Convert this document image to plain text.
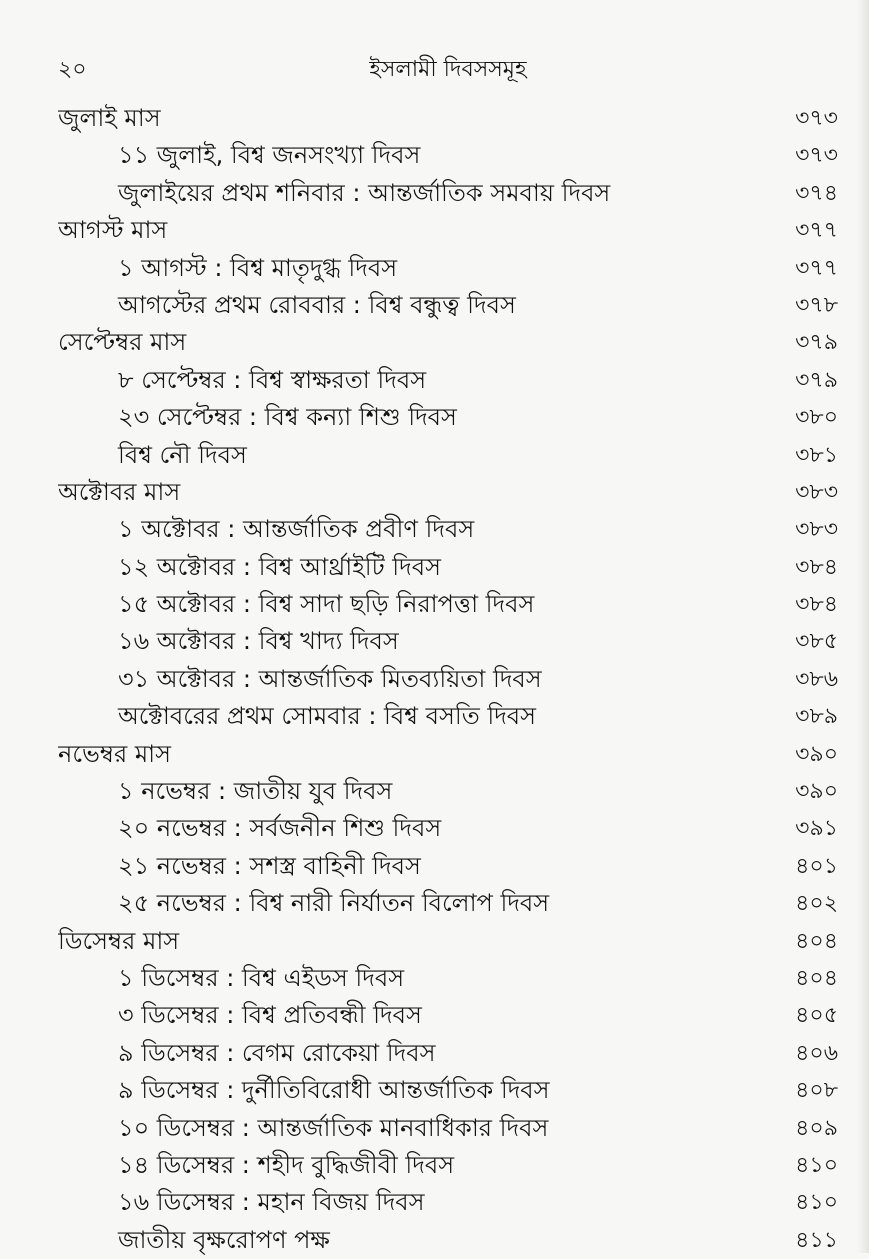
২০	ইসলামী দিবসসমূহ
জুলাই মাস	৩৭৩
১১ জুলাই, বিশ্ব জনসংখ্যা দিবস	৩৭৩
জুলাইয়ের প্রথম শনিবার : আন্তর্জাতিক সমবায় দিবস	৩৭৪
আগস্ট মাস	৩৭৭
১ আগস্ট : বিশ্ব মাতৃদুগ্ধ দিবস	৩৭৭
আগস্টের প্রথম রোববার : বিশ্ব বন্ধুত্ব দিবস	৩৭৮
সেপ্টেম্বর মাস	৩৭৯
৮ সেপ্টেম্বর : বিশ্ব স্বাক্ষরতা দিবস	৩৭৯
২৩ সেপ্টেম্বর : বিশ্ব কন্যা শিশু দিবস	৩৮০
বিশ্ব নৌ দিবস	৩৮১
অক্টোবর মাস	৩৮৩
১ অক্টোবর : আন্তর্জাতিক প্রবীণ দিবস	৩৮৩
১২ অক্টোবর : বিশ্ব আর্থ্রাইটি দিবস	৩৮৪
১৫ অক্টোবর : বিশ্ব সাদা ছড়ি নিরাপত্তা দিবস	৩৮৪
১৬ অক্টোবর : বিশ্ব খাদ্য দিবস	৩৮৫
৩১ অক্টোবর : আন্তর্জাতিক মিতব্যয়িতা দিবস	৩৮৬
অক্টোবরের প্রথম সোমবার : বিশ্ব বসতি দিবস	৩৮৯
নভেম্বর মাস	৩৯০
১ নভেম্বর : জাতীয় যুব দিবস	৩৯০
২০ নভেম্বর : সর্বজনীন শিশু দিবস	৩৯১
২১ নভেম্বর : সশস্ত্র বাহিনী দিবস	৪০১
২৫ নভেম্বর : বিশ্ব নারী নির্যাতন বিলোপ দিবস	৪০২
ডিসেম্বর মাস	৪০৪
১ ডিসেম্বর : বিশ্ব এইডস দিবস	৪০৪
৩ ডিসেম্বর : বিশ্ব প্রতিবন্ধী দিবস	৪০৫
৯ ডিসেম্বর : বেগম রোকেয়া দিবস	৪০৬
৯ ডিসেম্বর : দুর্নীতিবিরোধী আন্তর্জাতিক দিবস	৪০৮
১০ ডিসেম্বর : আন্তর্জাতিক মানবাধিকার দিবস	৪০৯
১৪ ডিসেম্বর : শহীদ বুদ্ধিজীবী দিবস	৪১০
১৬ ডিসেম্বর : মহান বিজয় দিবস	৪১০
জাতীয় বৃক্ষরোপণ পক্ষ	৪১১
